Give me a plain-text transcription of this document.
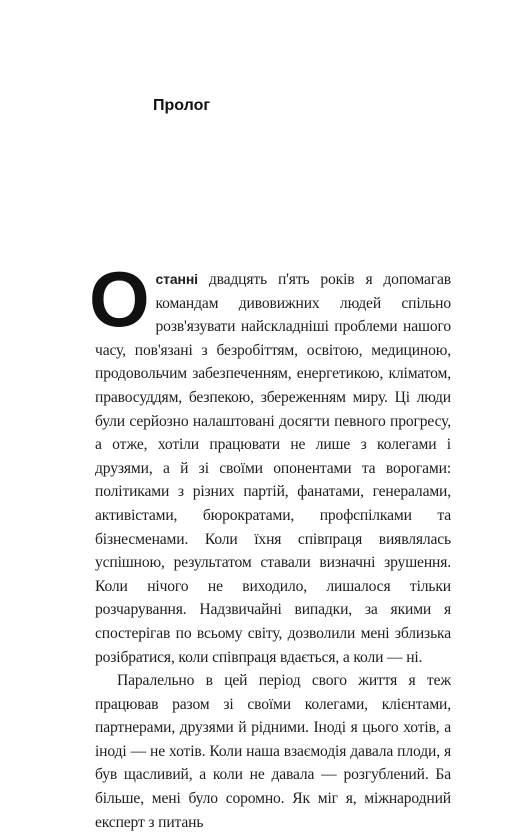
Пролог

Останні двадцять п'ять років я допомагав командам дивовижних людей спільно розв'язувати найскладніші проблеми нашого часу, пов'язані з безробіттям, освітою, медициною, продовольчим забезпеченням, енергетикою, кліматом, правосуддям, безпекою, збереженням миру. Ці люди були серйозно налаштовані досягти певного прогресу, а отже, хотіли працювати не лише з колегами і друзями, а й зі своїми опонентами та ворогами: політиками з різних партій, фанатами, генералами, активістами, бюрократами, профспілками та бізнесменами. Коли їхня співпраця виявлялась успішною, результатом ставали визначні зрушення. Коли нічого не виходило, лишалося тільки розчарування. Надзвичайні випадки, за якими я спостерігав по всьому світу, дозволили мені зблизька розібратися, коли співпраця вдається, а коли — ні.

Паралельно в цей період свого життя я теж працював разом зі своїми колегами, клієнтами, партнерами, друзями й рідними. Іноді я цього хотів, а іноді — не хотів. Коли наша взаємодія давала плоди, я був щасливий, а коли не давала — розгублений. Ба більше, мені було соромно. Як міг я, міжнародний експерт з питань
